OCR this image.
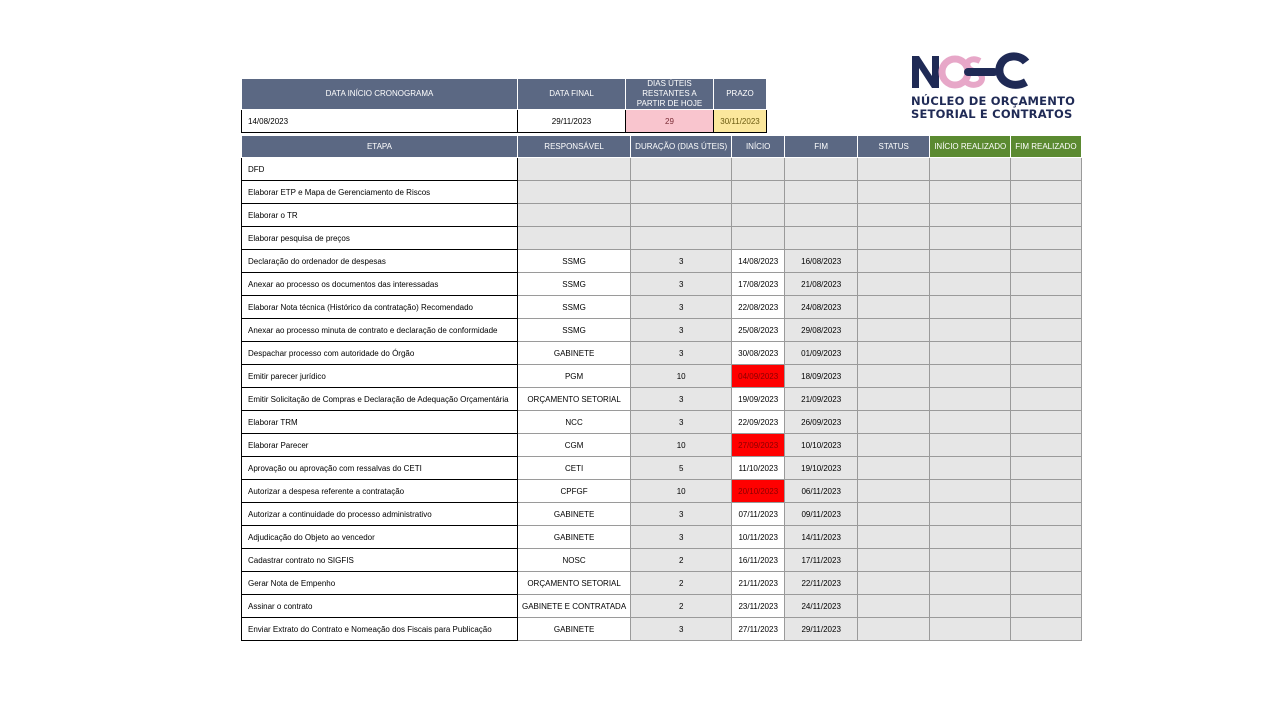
DATA INÍCIO CRONOGRAMA	DATA FINAL	DIAS ÚTEIS RESTANTES A PARTIR DE HOJE	PRAZO
14/08/2023	29/11/2023	29	30/11/2023
NÚCLEO DE ORÇAMENTO
SETORIAL E CONTRATOS
ETAPA	RESPONSÁVEL	DURAÇÃO (DIAS ÚTEIS)	INÍCIO	FIM	STATUS	INÍCIO REALIZADO	FIM REALIZADO
DFD							
Elaborar ETP e Mapa de Gerenciamento de Riscos							
Elaborar o TR							
Elaborar pesquisa de preços							
Declaração do ordenador de despesas	SSMG	3	14/08/2023	16/08/2023			
Anexar ao processo os documentos das interessadas	SSMG	3	17/08/2023	21/08/2023			
Elaborar Nota técnica (Histórico da contratação) Recomendado	SSMG	3	22/08/2023	24/08/2023			
Anexar ao processo minuta de contrato e declaração de conformidade	SSMG	3	25/08/2023	29/08/2023			
Despachar processo com autoridade do Órgão	GABINETE	3	30/08/2023	01/09/2023			
Emitir parecer jurídico	PGM	10	04/09/2023	18/09/2023			
Emitir Solicitação de Compras e Declaração de Adequação Orçamentária	ORÇAMENTO SETORIAL	3	19/09/2023	21/09/2023			
Elaborar TRM	NCC	3	22/09/2023	26/09/2023			
Elaborar Parecer	CGM	10	27/09/2023	10/10/2023			
Aprovação ou aprovação com ressalvas do CETI	CETI	5	11/10/2023	19/10/2023			
Autorizar a despesa referente a contratação	CPFGF	10	20/10/2023	06/11/2023			
Autorizar a continuidade do processo administrativo	GABINETE	3	07/11/2023	09/11/2023			
Adjudicação do Objeto ao vencedor	GABINETE	3	10/11/2023	14/11/2023			
Cadastrar contrato no SIGFIS	NOSC	2	16/11/2023	17/11/2023			
Gerar Nota de Empenho	ORÇAMENTO SETORIAL	2	21/11/2023	22/11/2023			
Assinar o contrato	GABINETE E CONTRATADA	2	23/11/2023	24/11/2023			
Enviar Extrato do Contrato e Nomeação dos Fiscais para Publicação	GABINETE	3	27/11/2023	29/11/2023			
